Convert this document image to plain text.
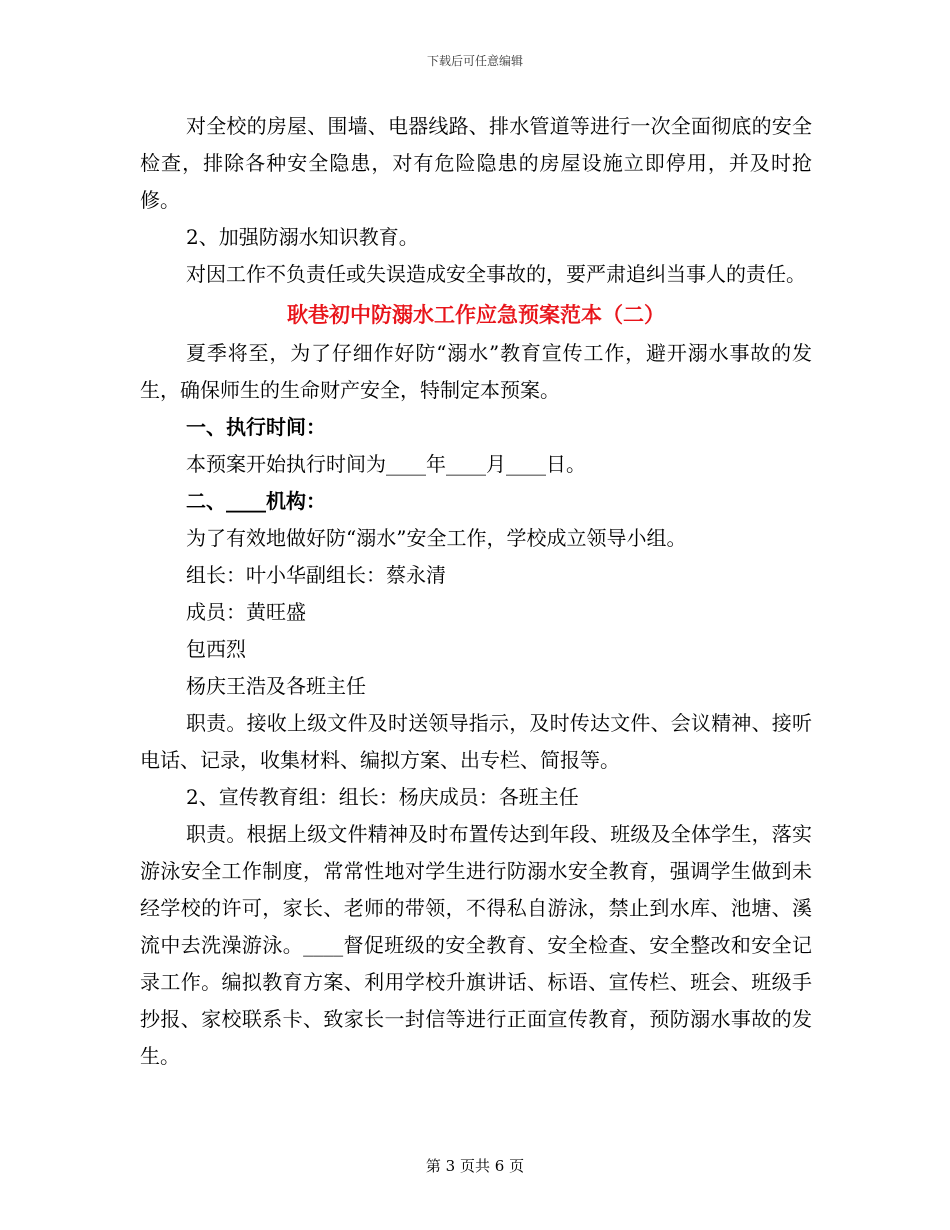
下载后可任意编辑

对全校的房屋、围墙、电器线路、排水管道等进行一次全面彻底的安全检查，排除各种安全隐患，对有危险隐患的房屋设施立即停用，并及时抢修。

2、加强防溺水知识教育。

对因工作不负责任或失误造成安全事故的，要严肃追纠当事人的责任。

耿巷初中防溺水工作应急预案范本（二）

夏季将至，为了仔细作好防“溺水”教育宣传工作，避开溺水事故的发生，确保师生的生命财产安全，特制定本预案。

一、执行时间：

本预案开始执行时间为____年____月____日。

二、____机构：

为了有效地做好防“溺水”安全工作，学校成立领导小组。

组长：叶小华副组长：蔡永清

成员：黄旺盛

包西烈

杨庆王浩及各班主任

职责。接收上级文件及时送领导指示，及时传达文件、会议精神、接听电话、记录，收集材料、编拟方案、出专栏、简报等。

2、宣传教育组：组长：杨庆成员：各班主任

职责。根据上级文件精神及时布置传达到年段、班级及全体学生，落实游泳安全工作制度，常常性地对学生进行防溺水安全教育，强调学生做到未经学校的许可，家长、老师的带领，不得私自游泳，禁止到水库、池塘、溪流中去洗澡游泳。____督促班级的安全教育、安全检查、安全整改和安全记录工作。编拟教育方案、利用学校升旗讲话、标语、宣传栏、班会、班级手抄报、家校联系卡、致家长一封信等进行正面宣传教育，预防溺水事故的发生。

第 3 页共 6 页
